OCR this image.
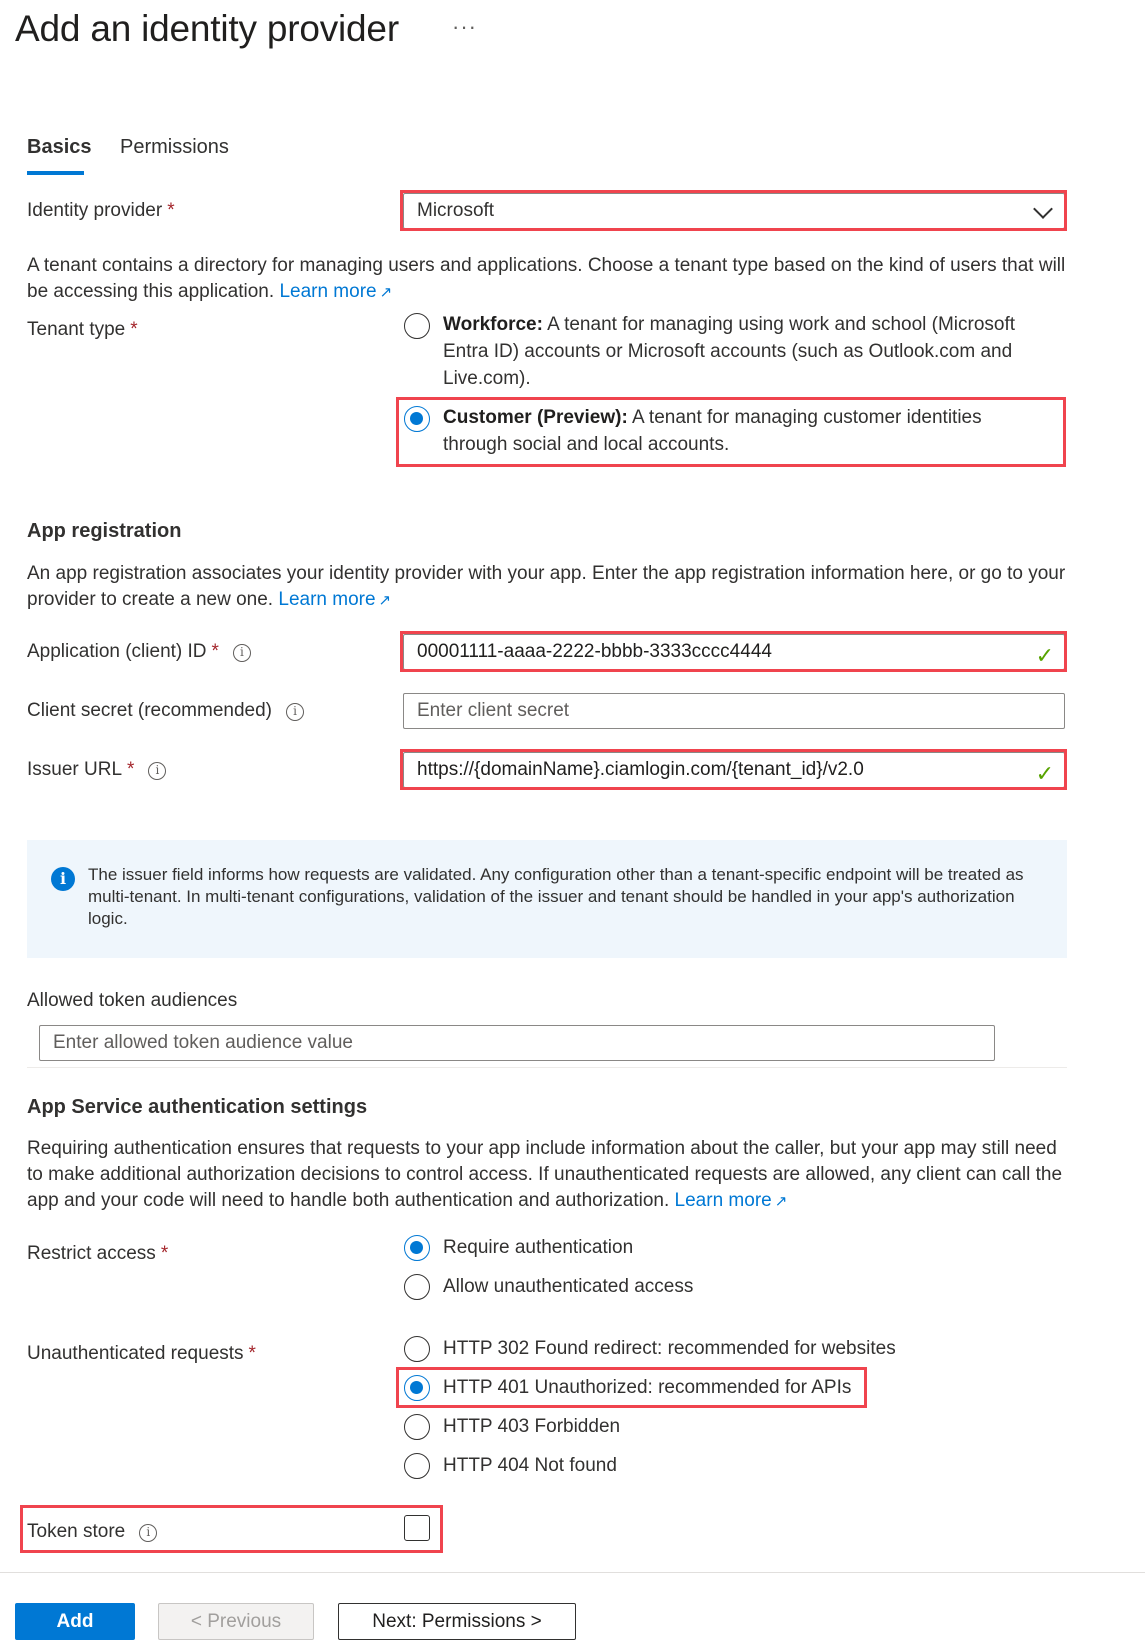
Add an identity provider ···
Basics Permissions
Identity provider *	Microsoft
A tenant contains a directory for managing users and applications. Choose a tenant type based on the kind of users that will be accessing this application. Learn more ↗
Tenant type *	Workforce: A tenant for managing using work and school (Microsoft Entra ID) accounts or Microsoft accounts (such as Outlook.com and Live.com).
Customer (Preview): A tenant for managing customer identities through social and local accounts.
App registration
An app registration associates your identity provider with your app. Enter the app registration information here, or go to your provider to create a new one. Learn more ↗
Application (client) ID * i	00001111-aaaa-2222-bbbb-3333cccc4444	✓
Client secret (recommended) i	Enter client secret
Issuer URL * i	https://{domainName}.ciamlogin.com/{tenant_id}/v2.0	✓
i	The issuer field informs how requests are validated. Any configuration other than a tenant-specific endpoint will be treated as multi-tenant. In multi-tenant configurations, validation of the issuer and tenant should be handled in your app's authorization logic.
Allowed token audiences
Enter allowed token audience value
App Service authentication settings
Requiring authentication ensures that requests to your app include information about the caller, but your app may still need to make additional authorization decisions to control access. If unauthenticated requests are allowed, any client can call the app and your code will need to handle both authentication and authorization. Learn more ↗
Restrict access *	Require authentication
Allow unauthenticated access
Unauthenticated requests *	HTTP 302 Found redirect: recommended for websites
HTTP 401 Unauthorized: recommended for APIs
HTTP 403 Forbidden
HTTP 404 Not found
Token store i
Add	< Previous	Next: Permissions >
